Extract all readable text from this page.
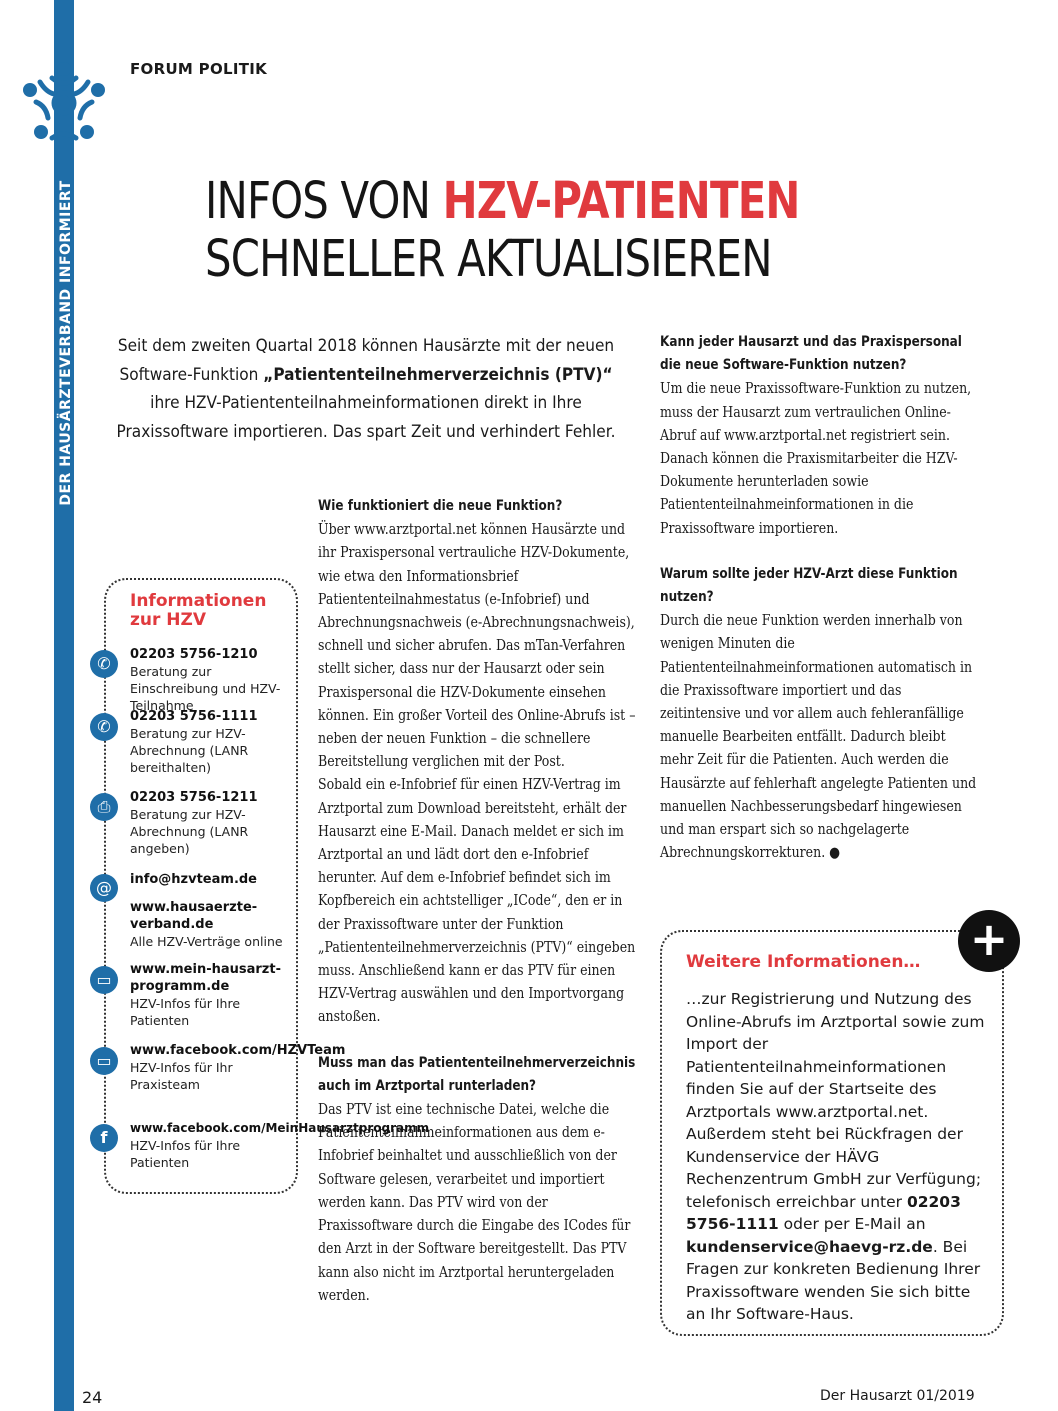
DER HAUSÄRZTEVERBAND INFORMIERT
FORUM POLITIK
INFOS VON HZV-PATIENTEN
SCHNELLER AKTUALISIEREN
Seit dem zweiten Quartal 2018 können Hausärzte mit der neuen Software-Funktion „Patiententeilnehmerverzeichnis (PTV)“ ihre HZV-Patiententeilnahmeinformationen direkt in Ihre Praxissoftware importieren. Das spart Zeit und verhindert Fehler.

Wie funktioniert die neue Funktion?

Über www.arztportal.net können Hausärzte und ihr Praxispersonal vertrauliche HZV-Dokumente, wie etwa den Informationsbrief Patiententeilnahmestatus (e-Infobrief) und Abrechnungsnachweis (e-Abrechnungsnachweis), schnell und sicher abrufen. Das mTan-Verfahren stellt sicher, dass nur der Hausarzt oder sein Praxispersonal die HZV-Dokumente einsehen können. Ein großer Vorteil des Online-Abrufs ist – neben der neuen Funktion – die schnellere Bereitstellung verglichen mit der Post.

Sobald ein e-Infobrief für einen HZV-Vertrag im Arztportal zum Download bereitsteht, erhält der Hausarzt eine E-Mail. Danach meldet er sich im Arztportal an und lädt dort den e-Infobrief herunter. Auf dem e-Infobrief befindet sich im Kopfbereich ein achtstelliger „ICode“, den er in der Praxissoftware unter der Funktion „Patiententeilnehmerverzeichnis (PTV)“ eingeben muss. Anschließend kann er das PTV für einen HZV-Vertrag auswählen und den Importvorgang anstoßen.

Muss man das Patiententeilnehmerverzeichnis auch im Arztportal runterladen?

Das PTV ist eine technische Datei, welche die Patiententeilnahmeinformationen aus dem e-Infobrief beinhaltet und ausschließlich von der Software gelesen, verarbeitet und importiert werden kann. Das PTV wird von der Praxissoftware durch die Eingabe des ICodes für den Arzt in der Software bereitgestellt. Das PTV kann also nicht im Arztportal heruntergeladen werden.

Kann jeder Hausarzt und das Praxispersonal die neue Software-Funktion nutzen?

Um die neue Praxissoftware-Funktion zu nutzen, muss der Hausarzt zum vertraulichen Online-Abruf auf www.arztportal.net registriert sein. Danach können die Praxismitarbeiter die HZV-Dokumente herunterladen sowie Patiententeilnahmeinformationen in die Praxissoftware importieren.

Warum sollte jeder HZV-Arzt diese Funktion nutzen?

Durch die neue Funktion werden innerhalb von wenigen Minuten die Patiententeilnahmeinformationen automatisch in die Praxissoftware importiert und das zeitintensive und vor allem auch fehleranfällige manuelle Bearbeiten entfällt. Dadurch bleibt mehr Zeit für die Patienten. Auch werden die Hausärzte auf fehlerhaft angelegte Patienten und manuellen Nachbesserungsbedarf hingewiesen und man erspart sich so nachgelagerte Abrechnungskorrekturen. ●

Informationen
zur HZV
✆	02203 5756-1210
Beratung zur Einschreibung und HZV-Teilnahme
✆
02203 5756-1111
Beratung zur HZV-Abrechnung (LANR bereithalten)
⎙	02203 5756-1211
Beratung zur HZV-Abrechnung (LANR angeben)
@	info@hzvteam.de
www.hausaerzte-verband.de
Alle HZV-Verträge online
▭
www.mein-hausarzt-programm.de
HZV-Infos für Ihre Patienten
▭
www.facebook.com/HZVTeam
HZV-Infos für Ihr Praxisteam
f	www.facebook.com/MeinHausarztprogramm
HZV-Infos für Ihre Patienten
+
Weitere Informationen…
…zur Registrierung und Nutzung des Online-Abrufs im Arztportal sowie zum Import der Patiententeilnahmeinformationen finden Sie auf der Startseite des Arztportals www.arztportal.net. Außerdem steht bei Rückfragen der Kundenservice der HÄVG Rechenzentrum GmbH zur Verfügung; telefonisch erreichbar unter 02203 5756-1111 oder per E-Mail an kundenservice@haevg-rz.de. Bei Fragen zur konkreten Bedienung Ihrer Praxissoftware wenden Sie sich bitte an Ihr Software-Haus.
24	Der Hausarzt 01/2019
